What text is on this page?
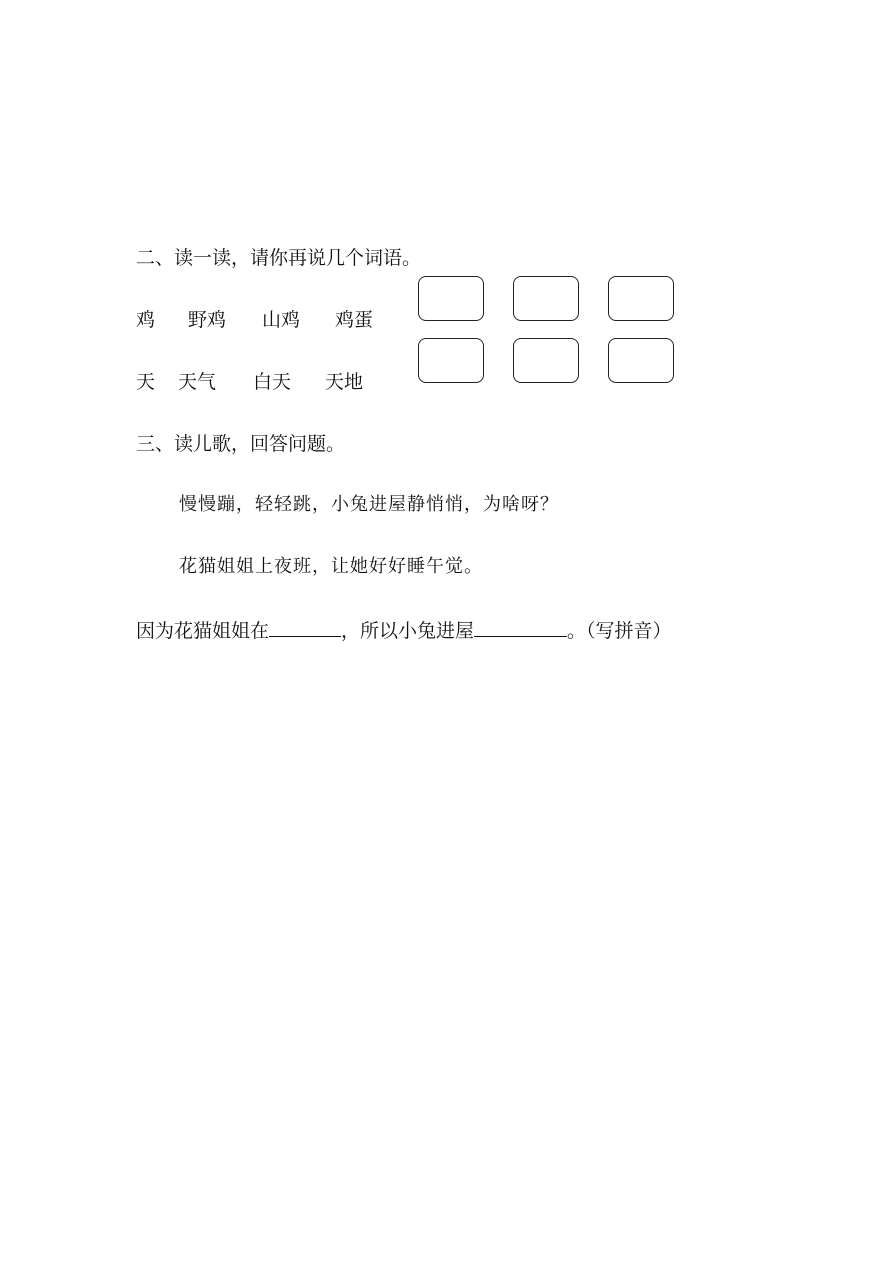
二、读一读，请你再说几个词语。
鸡 野鸡 山鸡 鸡蛋
天 天气 白天 天地
三、读儿歌，回答问题。
慢慢蹦，轻轻跳，小兔进屋静悄悄，为啥呀？
花猫姐姐上夜班，让她好好睡午觉。
因为花猫姐姐在	，所以小兔进屋	。（写拼音）
